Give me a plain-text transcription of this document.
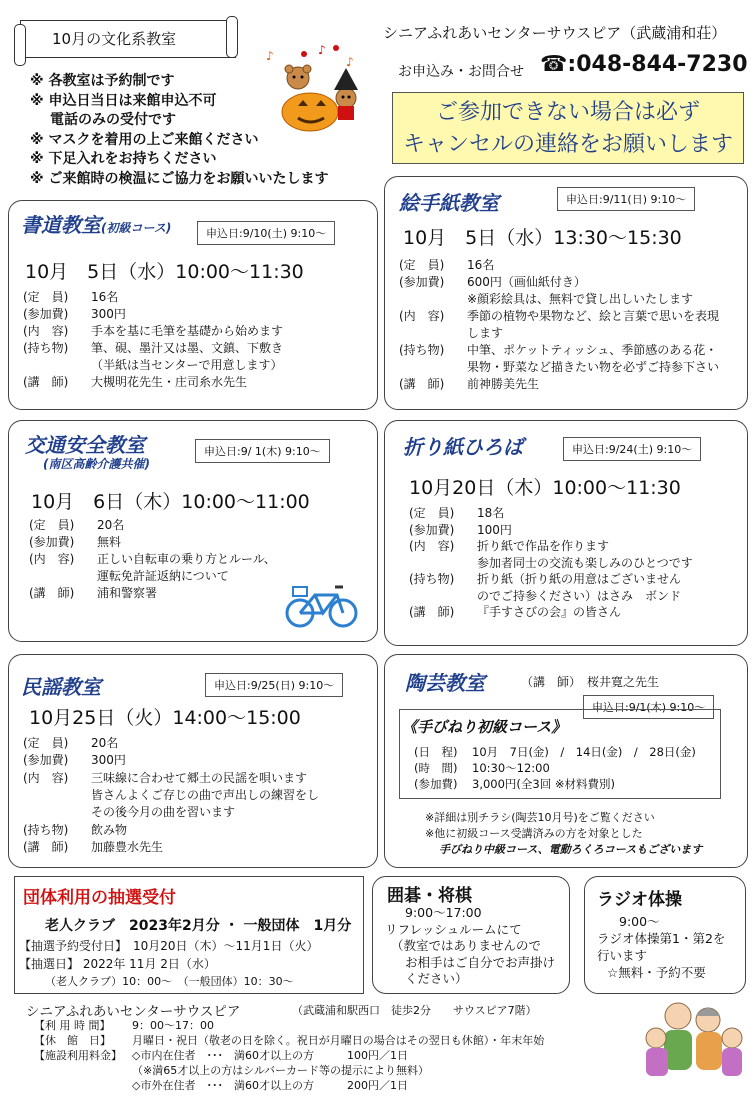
10月の文化系教室	シニアふれあいセンターサウスピア（武蔵浦和荘）
お申込み・お問合せ ☎:048-844-7230
※ 各教室は予約制です
※ 申込日当日は来館申込不可
電話のみの受付です
※ マスクを着用の上ご来館ください
※ 下足入れをお持ちください
※ ご来館時の検温にご協力をお願いいたします
♪	♪
♪
ご参加できない場合は必ず
キャンセルの連絡をお願いします
書道教室(初級コース)	申込日:9/10(土) 9:10～
10月　5日（水）10:00～11:30
(定　員) 16名
(参加費) 300円
(内　容) 手本を基に毛筆を基礎から始めます
(持ち物) 筆、硯、墨汁又は墨、文鎮、下敷き
（半紙は当センターで用意します）
(講　師) 大槻明花先生・庄司糸水先生
絵手紙教室	申込日:9/11(日) 9:10～
10月　5日（水）13:30～15:30
(定　員) 16名
(参加費) 600円（画仙紙付き）
※顔彩絵具は、無料で貸し出しいたします
(内　容) 季節の植物や果物など、絵と言葉で思いを表現
します
(持ち物) 中筆、ポケットティッシュ、季節感のある花・
果物・野菜など描きたい物を必ずご持参下さい
(講　師) 前神勝美先生
交通安全教室
(南区高齢介護共催)
申込日:9/ 1(木) 9:10～
10月　6日（木）10:00～11:00
(定　員) 20名
(参加費) 無料
(内　容) 正しい自転車の乗り方とルール、
運転免許証返納について
(講　師) 浦和警察署
折り紙ひろば	申込日:9/24(土) 9:10～
10月20日（木）10:00～11:30
(定　員) 18名
(参加費) 100円
(内　容) 折り紙で作品を作ります
参加者同士の交流も楽しみのひとつです
(持ち物) 折り紙（折り紙の用意はございません
のでご持参ください）はさみ　ボンド
(講　師) 『手すさびの会』の皆さん
民謡教室	申込日:9/25(日) 9:10～
10月25日（火）14:00～15:00
(定　員) 20名
(参加費) 300円
(内　容) 三味線に合わせて郷土の民謡を唄います
皆さんよくご存じの曲で声出しの練習をし
その後今月の曲を習います
(持ち物) 飲み物
(講　師) 加藤豊水先生
陶芸教室	（講　師）　桜井寛之先生
申込日:9/1(木) 9:10～
《手びねり初級コース》
(日　程) 10月　7日(金)　/　14日(金)　/　28日(金)
(時　間) 10:30～12:00
(参加費) 3,000円(全3回 ※材料費別)
※詳細は別チラシ(陶芸10月号)をご覧ください
※他に初級コース受講済みの方を対象とした
手びねり中級コース、電動ろくろコースもございます
団体利用の抽選受付
老人クラブ　2023年2月分 ・ 一般団体　1月分
【抽選予約受付日】　10月20日（木）～11月1日（火）
【抽選日】 2022年 11月 2日（水）
（老人クラブ）10：00～　（一般団体）10：30～
囲碁・将棋
9:00～17:00
リフレッシュルームにて
（教室ではありませんので
お相手はご自分でお声掛け
ください）
ラジオ体操
9:00～
ラジオ体操第1・第2を
行います
☆無料・予約不要
シニアふれあいセンターサウスピア	（武蔵浦和駅西口　徒歩2分　　サウスピア7階）
【利 用 時 間】 9：00～17：00
【休　館　日】 月曜日・祝日（敬老の日を除く。祝日が月曜日の場合はその翌日も休館）・年末年始
【施設利用料金】 ◇市内在住者　･･･　満60才以上の方　　　100円／1日
（※満65才以上の方はシルバーカード等の提示により無料）
◇市外在住者　･･･　満60才以上の方　　　200円／1日
